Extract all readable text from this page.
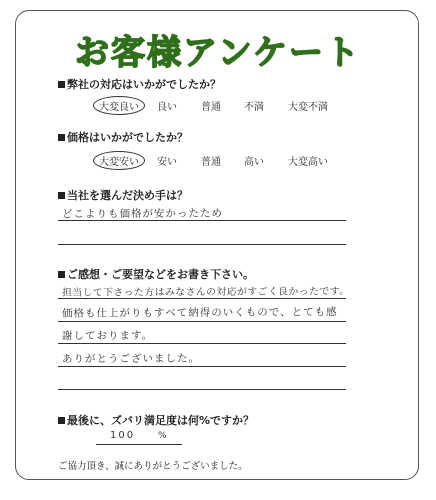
お客様アンケート

弊社の対応はいかがでしたか？

大変良い	良い 普通 不満 大変不満

価格はいかがでしたか？

大変安い	安い 普通 高い 大変高い

当社を選んだ決め手は？

どこよりも価格が安かったため

ご感想・ご要望などをお書き下さい。

担当して下さった方はみなさんの対応がすごく良かったです。
価格も仕上がりもすべて納得のいくもので、とても感
謝しております。
ありがとうございました。

最後に、ズバリ満足度は何%ですか？

100	%

ご協力頂き、誠にありがとうございました。
